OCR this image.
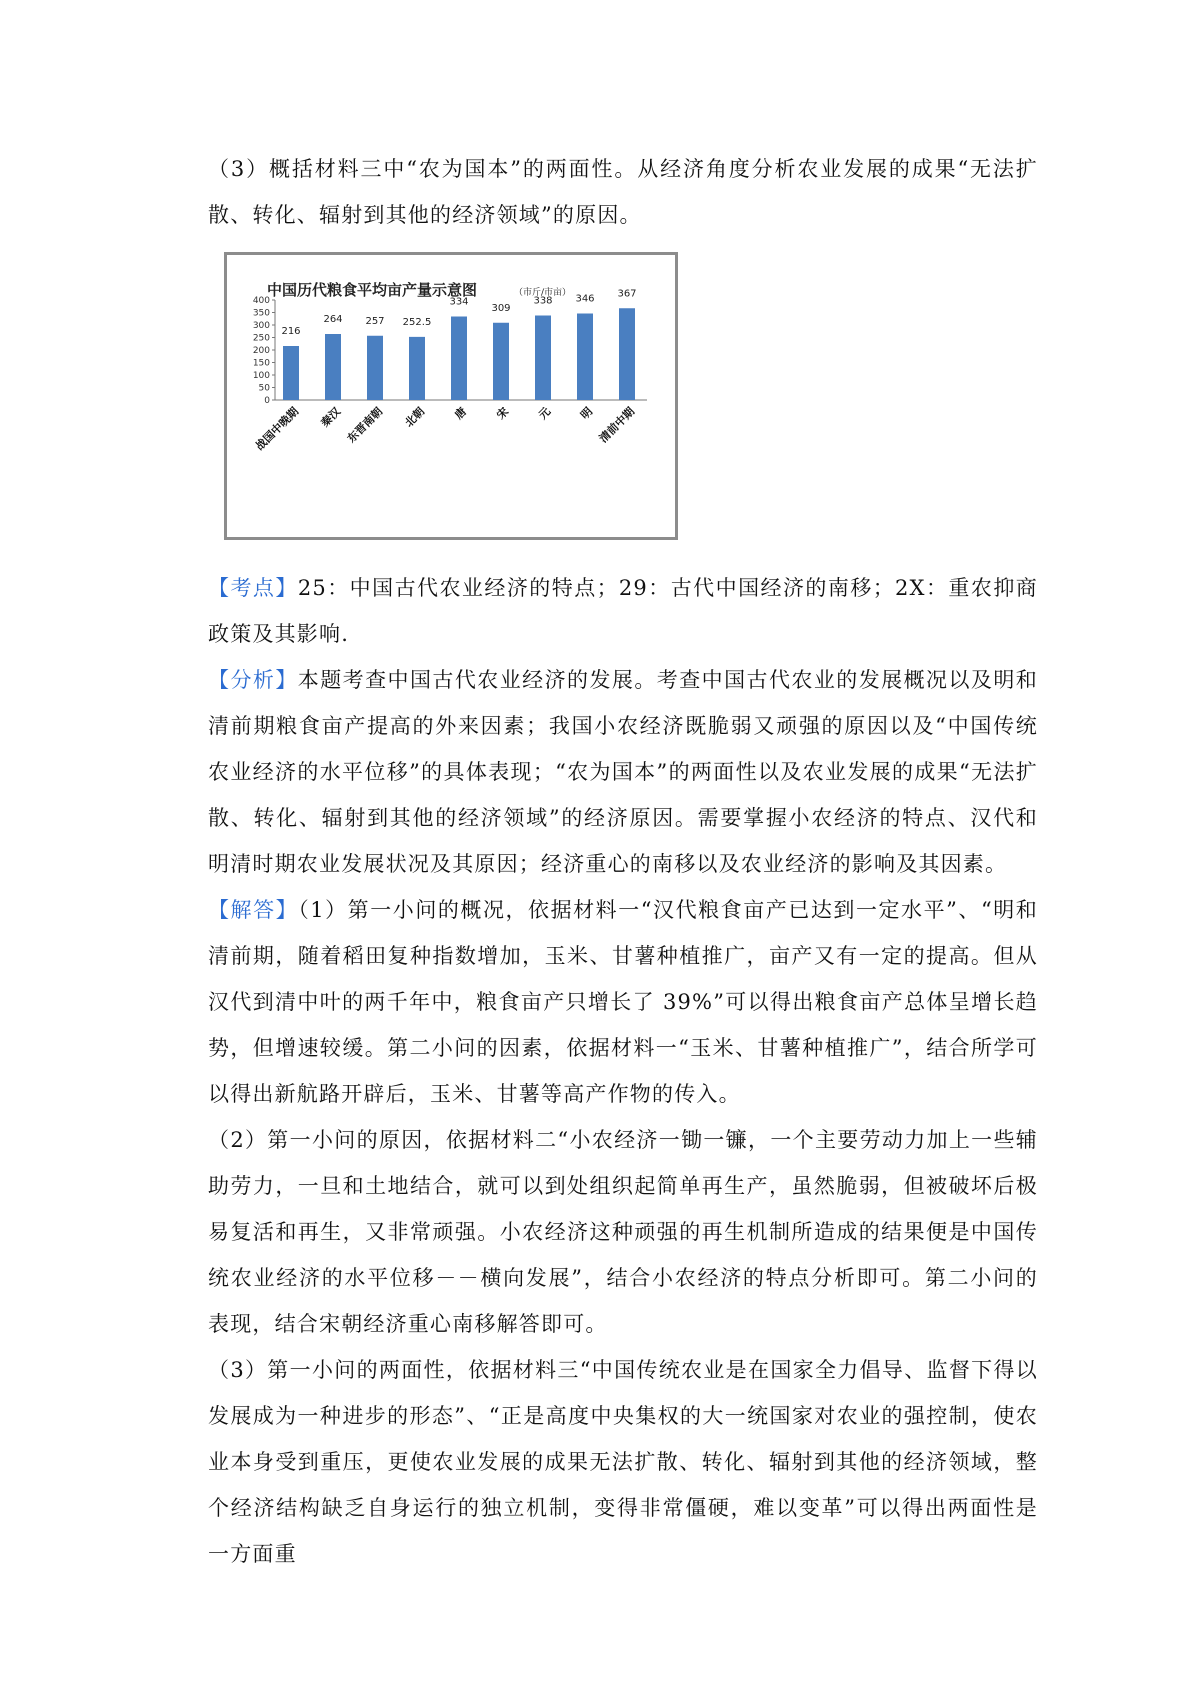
（3）概括材料三中“农为国本”的两面性。从经济角度分析农业发展的成果“无法扩散、转化、辐射到其他的经济领域”的原因。
中国历代粮食平均亩产量示意图	（市斤/市亩）
0
50
100
150
200
250
300
350
400
216
264 257 252.5
334
309
338 346 367
战国中晚期 秦汉 东晋南朝 北朝 唐 宋 元 明 清前中期
【考点】25：中国古代农业经济的特点；29：古代中国经济的南移；2X：重农抑商政策及其影响.
【分析】本题考查中国古代农业经济的发展。考查中国古代农业的发展概况以及明和清前期粮食亩产提高的外来因素；我国小农经济既脆弱又顽强的原因以及“中国传统农业经济的水平位移”的具体表现；“农为国本”的两面性以及农业发展的成果“无法扩散、转化、辐射到其他的经济领域”的经济原因。需要掌握小农经济的特点、汉代和明清时期农业发展状况及其原因；经济重心的南移以及农业经济的影响及其因素。
【解答】（1）第一小问的概况，依据材料一“汉代粮食亩产已达到一定水平”、“明和清前期，随着稻田复种指数增加，玉米、甘薯种植推广，亩产又有一定的提高。但从汉代到清中叶的两千年中，粮食亩产只增长了 39%”可以得出粮食亩产总体呈增长趋势，但增速较缓。第二小问的因素，依据材料一“玉米、甘薯种植推广”，结合所学可以得出新航路开辟后，玉米、甘薯等高产作物的传入。
（2）第一小问的原因，依据材料二“小农经济一锄一镰，一个主要劳动力加上一些辅助劳力，一旦和土地结合，就可以到处组织起简单再生产，虽然脆弱，但被破坏后极易复活和再生，又非常顽强。小农经济这种顽强的再生机制所造成的结果便是中国传统农业经济的水平位移－－横向发展”，结合小农经济的特点分析即可。第二小问的表现，结合宋朝经济重心南移解答即可。
（3）第一小问的两面性，依据材料三“中国传统农业是在国家全力倡导、监督下得以发展成为一种进步的形态”、“正是高度中央集权的大一统国家对农业的强控制，使农业本身受到重压，更使农业发展的成果无法扩散、转化、辐射到其他的经济领域，整个经济结构缺乏自身运行的独立机制，变得非常僵硬，难以变革”可以得出两面性是一方面重
